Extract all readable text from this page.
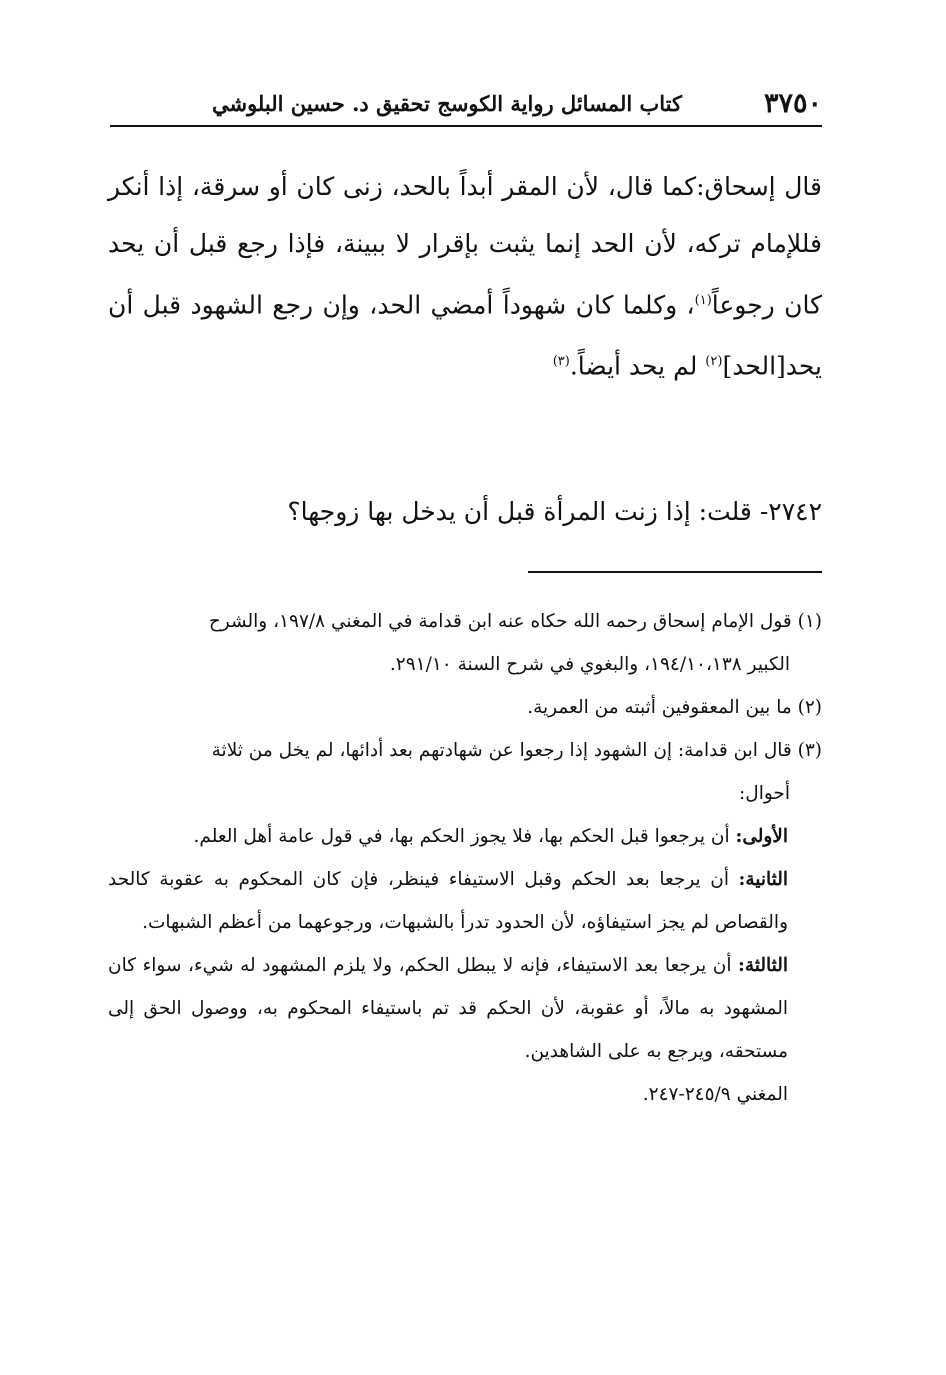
٣٧٥٠
كتاب المسائل رواية الكوسج تحقيق د. حسين البلوشي

قال إسحاق:كما قال، لأن المقر أبداً بالحد، زنى كان أو سرقة، إذا أنكر فللإمام تركه، لأن الحد إنما يثبت بإقرار لا ببينة، فإذا رجع قبل أن يحد كان رجوعاً$^{(١)}$، وكلما كان شهوداً أمضي الحد، وإن رجع الشهود قبل أن يحد[الحد]$^{(٢)}$ لم يحد أيضاً.$^{(٣)}$

٢٧٤٢- قلت: إذا زنت المرأة قبل أن يدخل بها زوجها؟

(١) قول الإمام إسحاق رحمه الله حكاه عنه ابن قدامة في المغني ١٩٧/٨، والشرح
الكبير ١٩٤/١٠،١٣٨، والبغوي في شرح السنة ٢٩١/١٠.

(٢) ما بين المعقوفين أثبته من العمرية.

(٣) قال ابن قدامة: إن الشهود إذا رجعوا عن شهادتهم بعد أدائها، لم يخل من ثلاثة
أحوال:

الأولى: أن يرجعوا قبل الحكم بها، فلا يجوز الحكم بها، في قول عامة أهل العلم.

الثانية: أن يرجعا بعد الحكم وقبل الاستيفاء فينظر، فإن كان المحكوم به عقوبة كالحد والقصاص لم يجز استيفاؤه، لأن الحدود تدرأ بالشبهات، ورجوعهما من أعظم الشبهات.

الثالثة: أن يرجعا بعد الاستيفاء، فإنه لا يبطل الحكم، ولا يلزم المشهود له شيء، سواء كان المشهود به مالاً، أو عقوبة، لأن الحكم قد تم باستيفاء المحكوم به، ووصول الحق إلى مستحقه، ويرجع به على الشاهدين.

المغني ٢٤٥/٩-٢٤٧.
